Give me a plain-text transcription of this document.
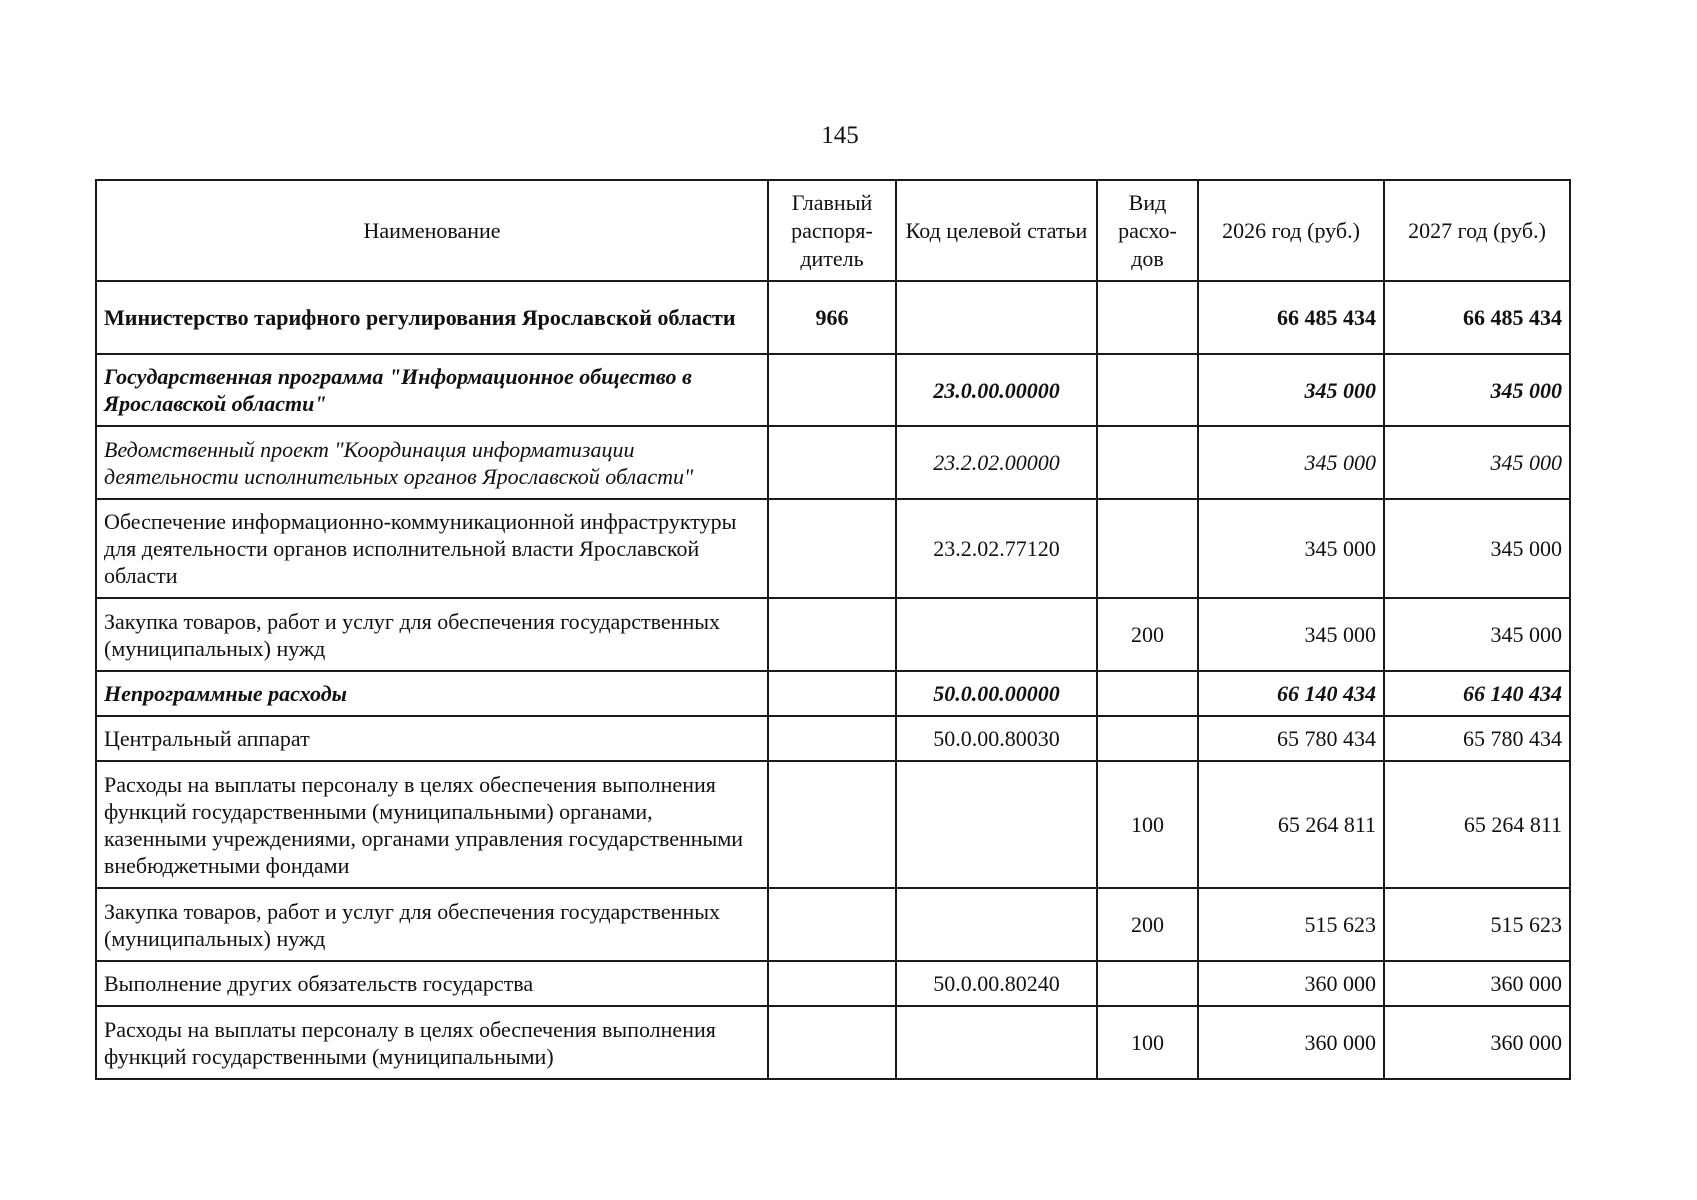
145
Наименование	Главный распоря-дитель	Код целевой статьи	Вид расхо-дов	2026 год (руб.)	2027 год (руб.)
Министерство тарифного регулирования Ярославской области	966			66 485 434	66 485 434
Государственная программа "Информационное общество в Ярославской области"		23.0.00.00000		345 000	345 000
Ведомственный проект "Координация информатизации деятельности исполнительных органов Ярославской области"		23.2.02.00000		345 000	345 000
Обеспечение информационно-коммуникационной инфраструктуры для деятельности органов исполнительной власти Ярославской области		23.2.02.77120		345 000	345 000
Закупка товаров, работ и услуг для обеспечения государственных (муниципальных) нужд			200	345 000	345 000
Непрограммные расходы		50.0.00.00000		66 140 434	66 140 434
Центральный аппарат		50.0.00.80030		65 780 434	65 780 434
Расходы на выплаты персоналу в целях обеспечения выполнения функций государственными (муниципальными) органами, казенными учреждениями, органами управления государственными внебюджетными фондами			100	65 264 811	65 264 811
Закупка товаров, работ и услуг для обеспечения государственных (муниципальных) нужд			200	515 623	515 623
Выполнение других обязательств государства		50.0.00.80240		360 000	360 000
Расходы на выплаты персоналу в целях обеспечения выполнения функций государственными (муниципальными)			100	360 000	360 000
